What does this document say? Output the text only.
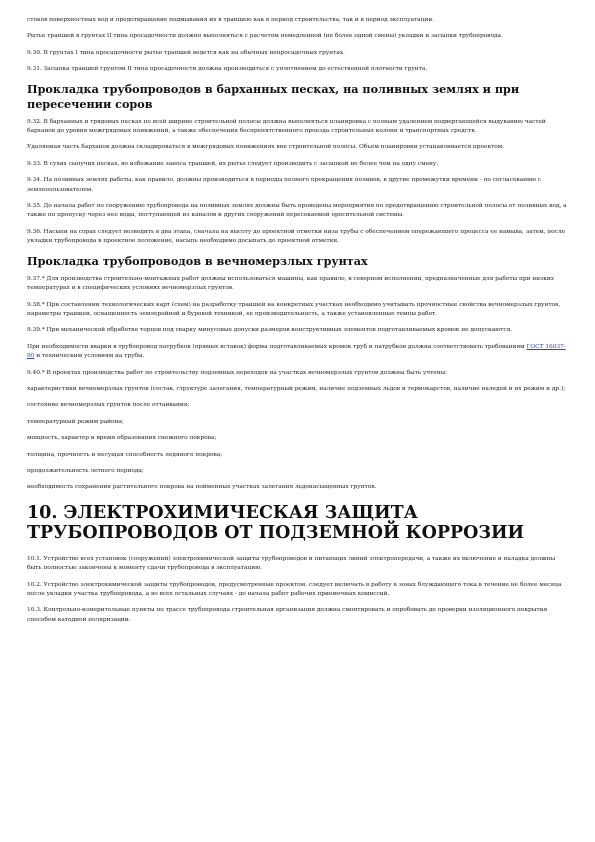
стоков поверхностных вод и предотвращение подмывания их в траншею как в период строительства, так и в период эксплуатации.

Рытье траншей в грунтах II типа просадочности должно выполняться с расчетом немедленной (не более одной смены) укладки и засыпки трубопровода.

9.30. В грунтах I типа просадочности рытье траншей ведется как на обычных непросадочных грунтах.

9.31. Засыпка траншей грунтом II типа просадочности должна производиться с уплотнением до естественной плотности грунта.

Прокладка трубопроводов в барханных песках, на поливных землях и при пересечении соров

9.32. В барханных и грядовых песках по всей ширине строительной полосы должна выполняться планировка с полным удалением подвергающейся выдуванию частей барханов до уровня межгрядовых понижений, а также обеспечения беспрепятственного проезда строительных колонн и транспортных средств.

Удаляемая часть барханов должна складироваться в межгрядовых понижениях вне строительной полосы. Объем планировки устанавливается проектом.

9.33. В сухих сыпучих песках, во избежание заноса траншей, их рытье следует производить с засыпкой не более чем на одну смену.

9.34. На поливных землях работы, как правило, должны производиться в периоды полного прекращения поливов, в другие промежутки времени - по согласованию с землепользователем.

9.35. До начала работ по сооружению трубопровода на поливных землях должны быть проведены мероприятия по предотвращению строительной полосы от поливных вод, а также по пропуску через нее воды, поступающей из каналов и других сооружений пересекаемой оросительной системы.

9.36. Насыпи на сорах следует возводить в два этапа, сначала на высоту до проектной отметки низа трубы с обеспечением опережающего процесса ее намыва, затем, после укладки трубопровода в проектное положение, насыпь необходимо досыпать до проектной отметки.

Прокладка трубопроводов в вечномерзлых грунтах

9.37.* Для производства строительно-монтажных работ должны использоваться машины, как правило, в северном исполнении, предназначенные для работы при низких температурах и в специфических условиях вечномерзлых грунтов.

9.38.* При составлении технологических карт (схем) на разработку траншей на конкретных участках необходимо учитывать прочностные свойства вечномерзлых грунтов, параметры траншеи, оснащенность землеройной и буровой техникой, ее производительность, а также установленные темпы работ.

9.39.* При механической обработке торцов под сварку минусовые допуски размеров конструктивных элементов подготавливаемых кромок не допускаются.

При необходимости вварки в трубопровод патрубков (прямых вставок) форма подготавливаемых кромок труб и патрубков должна соответствовать требованиям ГОСТ 16037-80 и техническим условиям на трубы.

9.40.* В проектах производства работ по строительству подземных переходов на участках вечномерзлых грунтов должны быть учтены:

характеристики вечномерзлых грунтов (состав, структуре залегания, температурный режим, наличие подземных льдов и термокарстов, наличие наледей и их режим и др.);

состояние вечномерзлых грунтов после оттаивания;

температурный режим района;

мощность, характер и время образования снежного покрова;

толщина, прочность и несущая способность ледяного покрова;

продолжительность летнего периода;

необходимость сохранения растительного покрова на пойменных участках залегания льдонасыщенных грунтов.

10. ЭЛЕКТРОХИМИЧЕСКАЯ ЗАЩИТА ТРУБОПРОВОДОВ ОТ ПОДЗЕМНОЙ КОРРОЗИИ

10.1. Устройство всех установок (сооружений) электрохимической защиты трубопроводов и питающих линий электропередачи, а также их включение и наладка должны быть полностью закончены к моменту сдачи трубопровода в эксплуатацию.

10.2. Устройство электрохимической защиты трубопроводов, предусмотренные проектом, следует включать в работу в зонах блуждающего тока в течение не более месяца после укладки участка трубопровода, а во всех остальных случаях - до начала работ рабочих приемочных комиссий.

10.3. Контрольно-измерительные пункты по трассе трубопровода строительная организация должна смонтировать и опробовать до проверки изоляционного покрытия способом катодной поляризации.
